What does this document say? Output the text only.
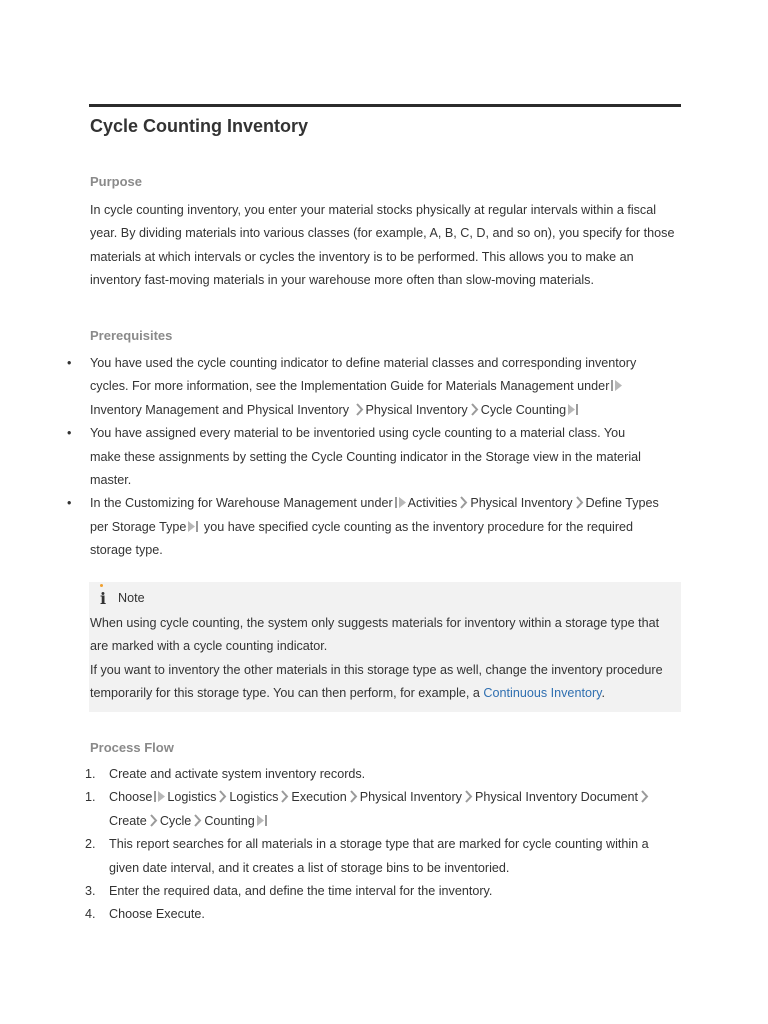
Cycle Counting Inventory
Purpose
In cycle counting inventory, you enter your material stocks physically at regular intervals within a fiscal year. By dividing materials into various classes (for example, A, B, C, D, and so on), you specify for those materials at which intervals or cycles the inventory is to be performed. This allows you to make an inventory fast-moving materials in your warehouse more often than slow-moving materials.
Prerequisites
• You have used the cycle counting indicator to define material classes and corresponding inventory cycles. For more information, see the Implementation Guide for Materials Management underInventory Management and Physical Inventory Physical Inventory Cycle Counting
• You have assigned every material to be inventoried using cycle counting to a material class. You make these assignments by setting the Cycle Counting indicator in the Storage view in the material master.
• In the Customizing for Warehouse Management under Activities Physical Inventory Define Types per Storage Type you have specified cycle counting as the inventory procedure for the required storage type.
i Note
When using cycle counting, the system only suggests materials for inventory within a storage type that are marked with a cycle counting indicator.
If you want to inventory the other materials in this storage type as well, change the inventory procedure temporarily for this storage type. You can then perform, for example, a Continuous Inventory.
Process Flow
1. Create and activate system inventory records.
1. Choose Logistics Logistics Execution Physical Inventory Physical Inventory DocumentCreate Cycle Counting
2. This report searches for all materials in a storage type that are marked for cycle counting within a given date interval, and it creates a list of storage bins to be inventoried.
3. Enter the required data, and define the time interval for the inventory.
4. Choose Execute.
